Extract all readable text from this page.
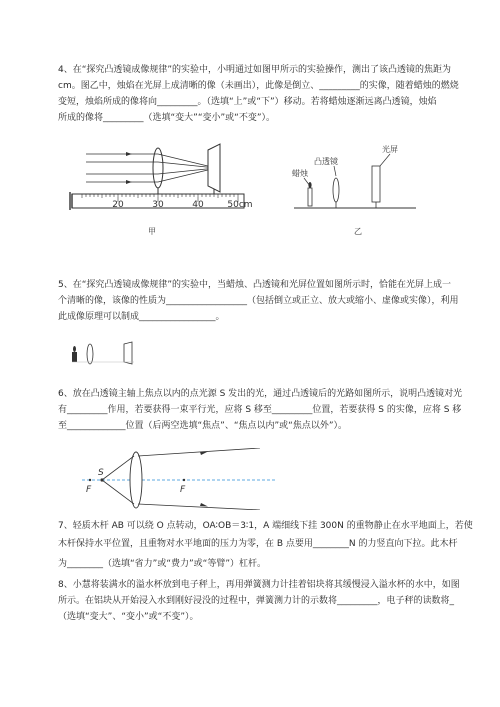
4、在“探究凸透镜成像规律”的实验中，小明通过如图甲所示的实验操作，测出了该凸透镜的焦距为
cm。图乙中，烛焰在光屏上成清晰的像（未画出），此像是倒立、_________的实像，随着蜡烛的燃烧
变短，烛焰所成的像将向_________。（选填“上”或“下”）移动。若将蜡烛逐渐远离凸透镜，烛焰
所成的像将_________（选填“变大”“变小”或“不变”）。
20	30	40	50cm
甲
蜡烛
凸透镜
光屏
乙
5、在“探究凸透镜成像规律”的实验中，当蜡烛、凸透镜和光屏位置如图所示时，恰能在光屏上成一
个清晰的像，该像的性质为__________________（包括倒立或正立、放大或缩小、虚像或实像），利用
此成像原理可以制成_________________。
6、放在凸透镜主轴上焦点以内的点光源 S 发出的光，通过凸透镜后的光路如图所示，说明凸透镜对光
有_________作用，若要获得一束平行光，应将 S 移至_________位置，若要获得 S 的实像，应将 S 移
至_____________位置（后两空选填“焦点”、“焦点以内”或“焦点以外”）。
S
F	F
7、轻质木杆 AB 可以绕 O 点转动，OA∶OB＝3∶1，A 端细线下挂 300N 的重物静止在水平地面上，若使
木杆保持水平位置，且重物对水平地面的压力为零，在 B 点要用________N 的力竖直向下拉。此木杆
为________（选填“省力”或“费力”或“等臂”）杠杆。
8、小慧将装满水的溢水杯放到电子秤上，再用弹簧测力计挂着铝块将其缓慢浸入溢水杯的水中，如图
所示。在铝块从开始浸入水到刚好浸没的过程中，弹簧测力计的示数将_________，电子秤的读数将_
（选填“变大”、“变小”或“不变”）。
